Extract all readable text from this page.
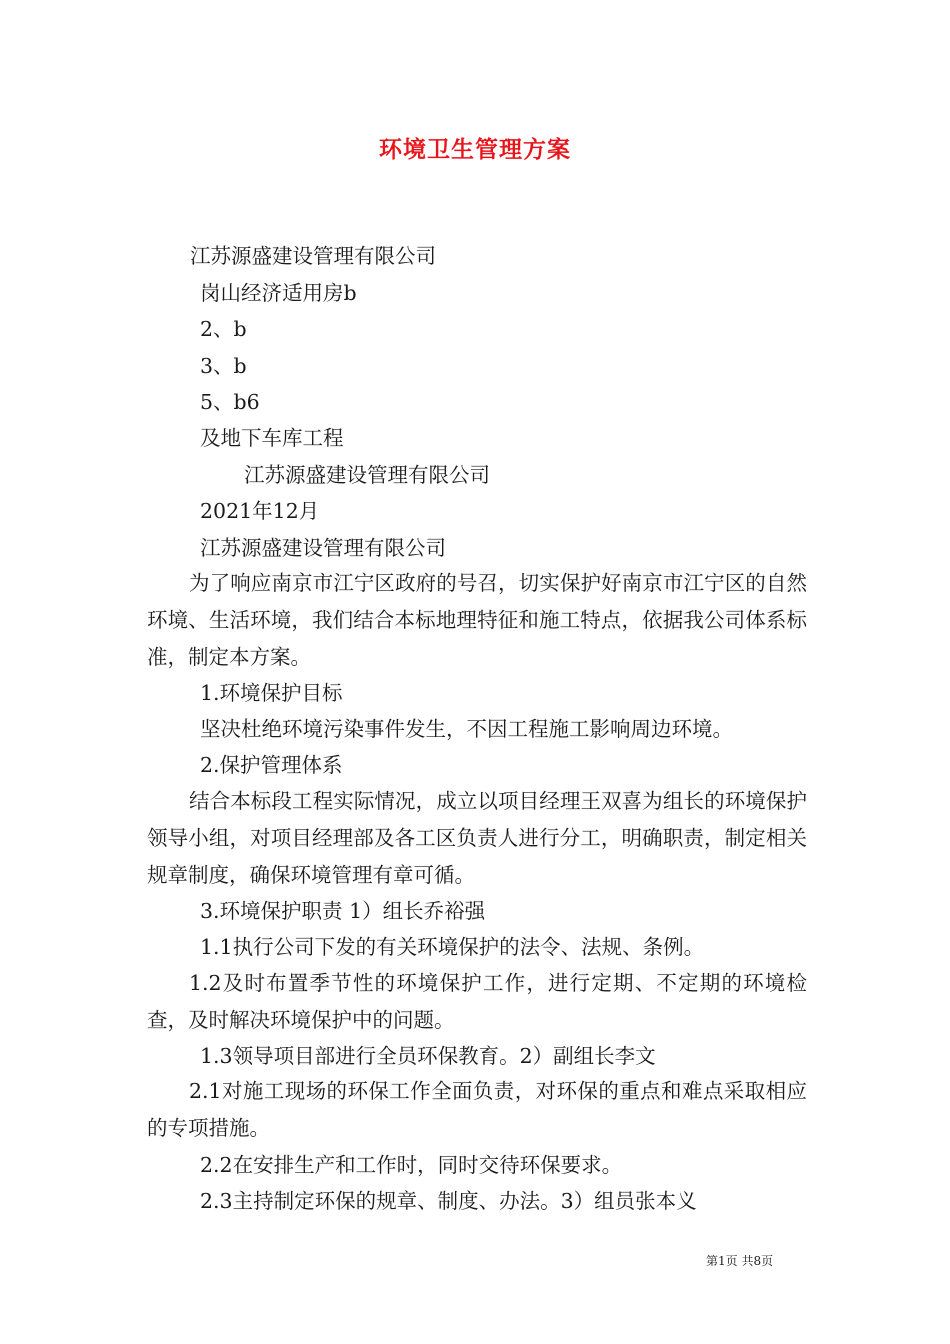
环境卫生管理方案
江苏源盛建设管理有限公司
岗山经济适用房b
2、b
3、b
5、b6
及地下车库工程
江苏源盛建设管理有限公司
2021年12月
江苏源盛建设管理有限公司
为了响应南京市江宁区政府的号召，切实保护好南京市江宁区的自然环境、生活环境，我们结合本标地理特征和施工特点，依据我公司体系标准，制定本方案。
1.环境保护目标
坚决杜绝环境污染事件发生，不因工程施工影响周边环境。
2.保护管理体系
结合本标段工程实际情况，成立以项目经理王双喜为组长的环境保护领导小组，对项目经理部及各工区负责人进行分工，明确职责，制定相关规章制度，确保环境管理有章可循。
3.环境保护职责 1）组长乔裕强
1.1执行公司下发的有关环境保护的法令、法规、条例。
1.2及时布置季节性的环境保护工作，进行定期、不定期的环境检查，及时解决环境保护中的问题。
1.3领导项目部进行全员环保教育。2）副组长李文
2.1对施工现场的环保工作全面负责，对环保的重点和难点采取相应的专项措施。
2.2在安排生产和工作时，同时交待环保要求。
2.3主持制定环保的规章、制度、办法。3）组员张本义
第1页 共8页
